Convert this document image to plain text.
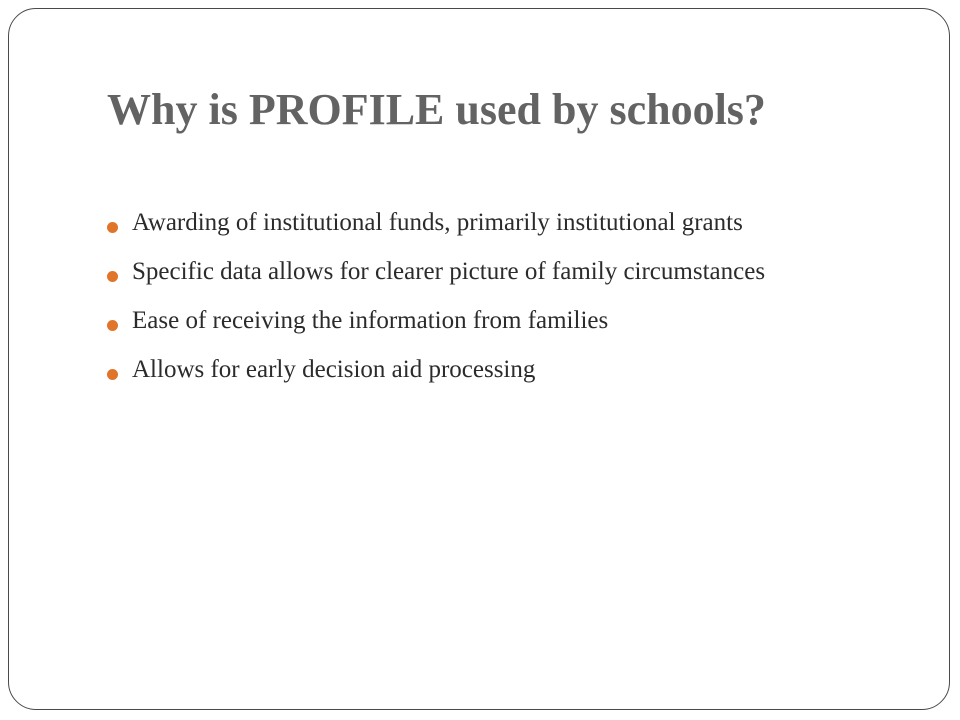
Why is PROFILE used by schools?
Awarding of institutional funds, primarily institutional grants
Specific data allows for clearer picture of family circumstances
Ease of receiving the information from families
Allows for early decision aid processing
